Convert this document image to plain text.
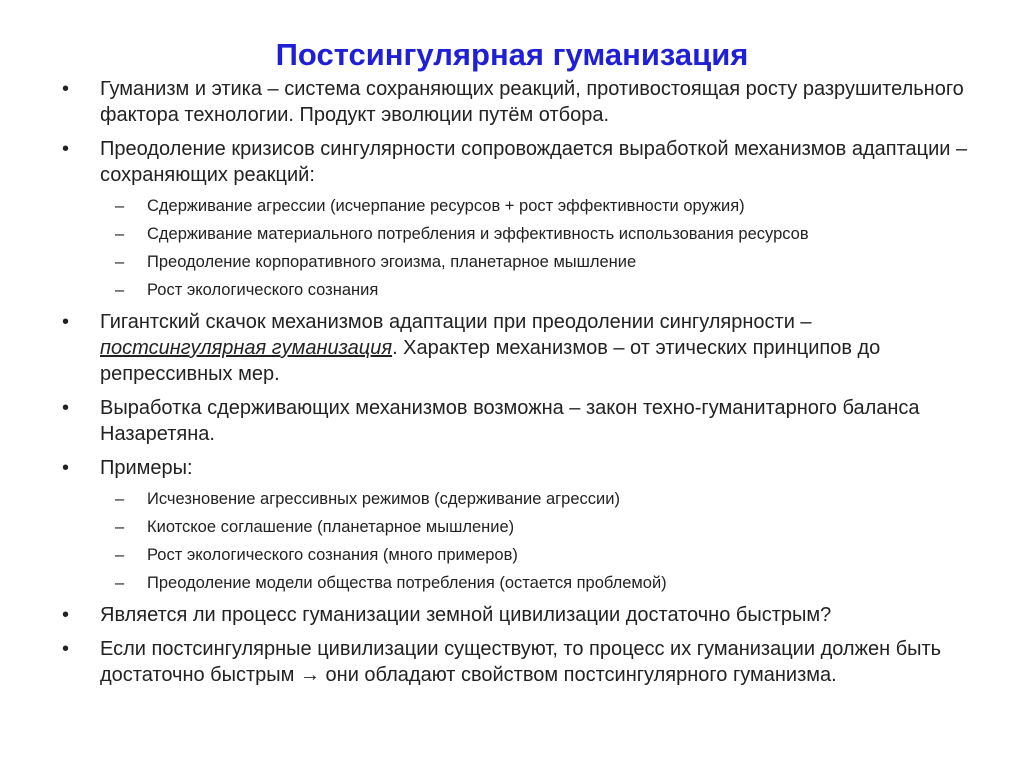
Постсингулярная гуманизация
•	Гуманизм и этика – система сохраняющих реакций, противостоящая росту разрушительного фактора технологии. Продукт эволюции путём отбора.
•	Преодоление кризисов сингулярности сопровождается выработкой механизмов адаптации – сохраняющих реакций:
– Сдерживание агрессии (исчерпание ресурсов + рост эффективности оружия)
– Сдерживание материального потребления и эффективность использования ресурсов
– Преодоление корпоративного эгоизма, планетарное мышление
– Рост экологического сознания
•	Гигантский скачок механизмов адаптации при преодолении сингулярности – постсингулярная гуманизация. Характер механизмов – от этических принципов до репрессивных мер.
•	Выработка сдерживающих механизмов возможна – закон техно-гуманитарного баланса Назаретяна.
•	Примеры:
– Исчезновение агрессивных режимов (сдерживание агрессии)
– Киотское соглашение (планетарное мышление)
– Рост экологического сознания (много примеров)
– Преодоление модели общества потребления (остается проблемой)
•	Является ли процесс гуманизации земной цивилизации достаточно быстрым?
•	Если постсингулярные цивилизации существуют, то процесс их гуманизации должен быть достаточно быстрым → они обладают свойством постсингулярного гуманизма.
